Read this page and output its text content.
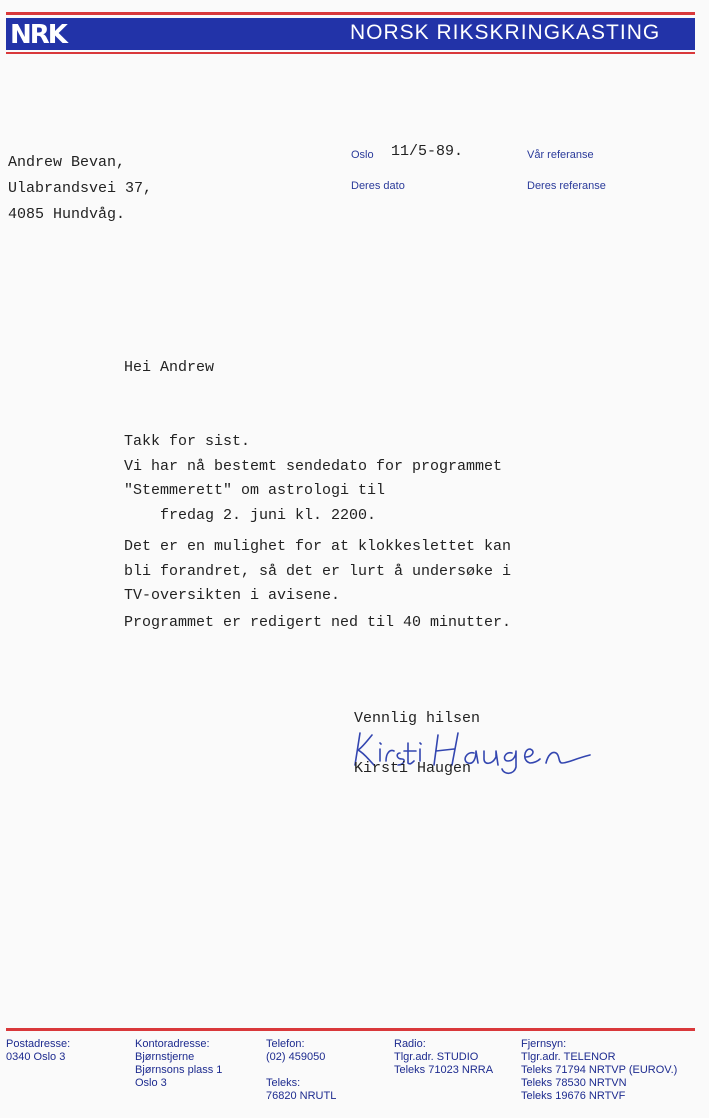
NRK	NORSK RIKSKRINGKASTING
Andrew Bevan,
Ulabrandsvei 37,
4085 Hundvåg.
Oslo 11/5-89.	Vår referanse
Deres dato	Deres referanse
Hei Andrew
Takk for sist.
Vi har nå bestemt sendedato for programmet
"Stemmerett" om astrologi til
fredag 2. juni kl. 2200.
Det er en mulighet for at klokkeslettet kan
bli forandret, så det er lurt å undersøke i
TV-oversikten i avisene.
Programmet er redigert ned til 40 minutter.
Vennlig hilsen
Kirsti Haugen
Kirsti Haugen
Postadresse:
0340 Oslo 3
Kontoradresse:
Bjørnstjerne
Bjørnsons plass 1
Oslo 3
Telefon:
(02) 459050
Teleks:
76820 NRUTL
Radio:
Tlgr.adr. STUDIO
Teleks 71023 NRRA
Fjernsyn:
Tlgr.adr. TELENOR
Teleks 71794 NRTVP (EUROV.)
Teleks 78530 NRTVN
Teleks 19676 NRTVF
